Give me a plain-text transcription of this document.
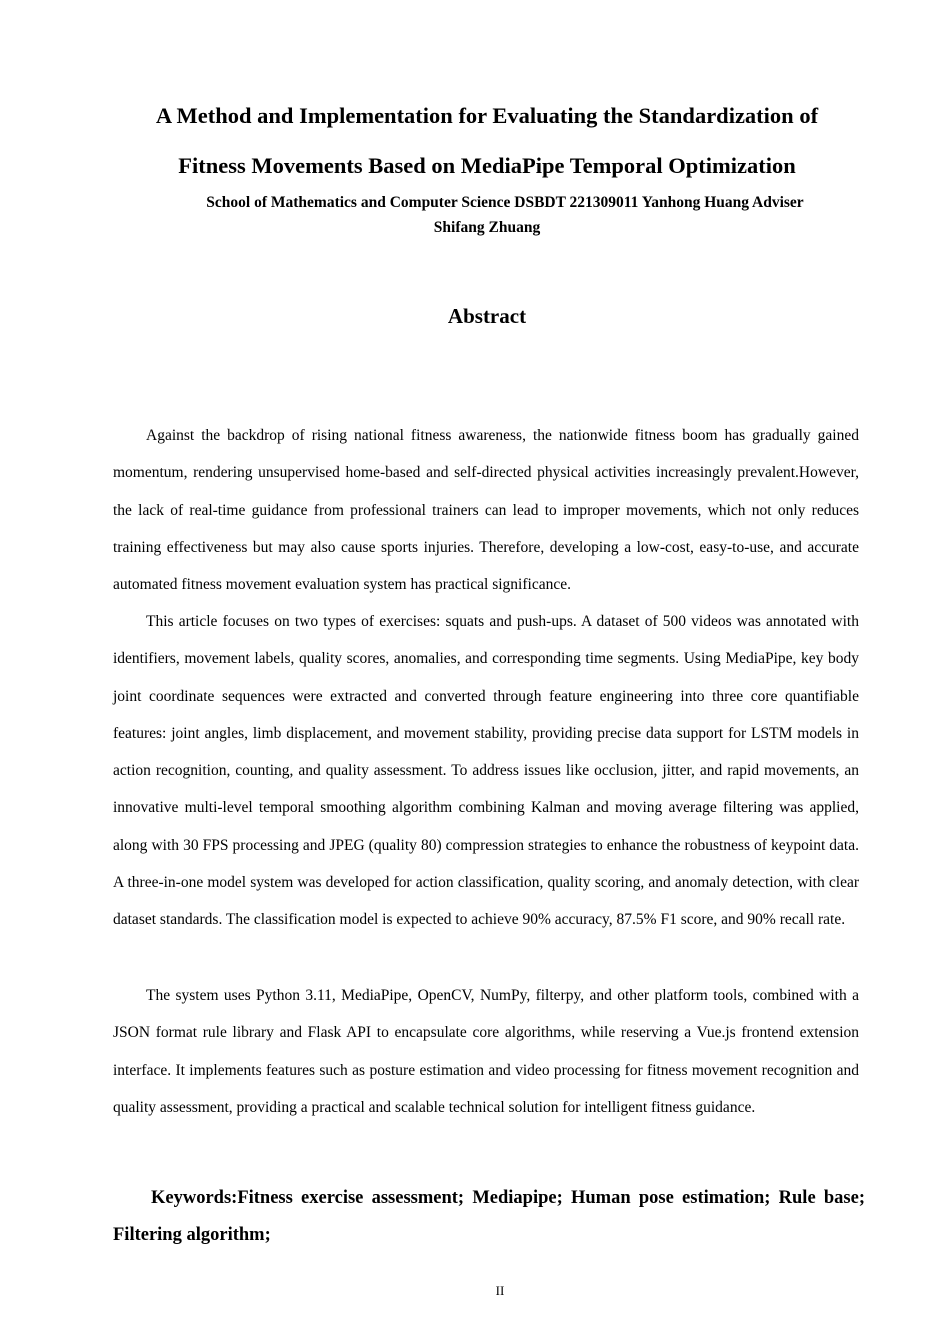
A Method and Implementation for Evaluating the Standardization of
Fitness Movements Based on MediaPipe Temporal Optimization
School of Mathematics and Computer Science DSBDT 221309011 Yanhong Huang Adviser
Shifang Zhuang
Abstract

Against the backdrop of rising national fitness awareness, the nationwide fitness boom has gradually gained momentum, rendering unsupervised home-based and self-directed physical activities increasingly prevalent.However, the lack of real-time guidance from professional trainers can lead to improper movements, which not only reduces training effectiveness but may also cause sports injuries. Therefore, developing a low-cost, easy-to-use, and accurate automated fitness movement evaluation system has practical significance.

This article focuses on two types of exercises: squats and push-ups. A dataset of 500 videos was annotated with identifiers, movement labels, quality scores, anomalies, and corresponding time segments. Using MediaPipe, key body joint coordinate sequences were extracted and converted through feature engineering into three core quantifiable features: joint angles, limb displacement, and movement stability, providing precise data support for LSTM models in action recognition, counting, and quality assessment. To address issues like occlusion, jitter, and rapid movements, an innovative multi-level temporal smoothing algorithm combining Kalman and moving average filtering was applied, along with 30 FPS processing and JPEG (quality 80) compression strategies to enhance the robustness of keypoint data. A three-in-one model system was developed for action classification, quality scoring, and anomaly detection, with clear dataset standards. The classification model is expected to achieve 90% accuracy, 87.5% F1 score, and 90% recall rate.

The system uses Python 3.11, MediaPipe, OpenCV, NumPy, filterpy, and other platform tools, combined with a JSON format rule library and Flask API to encapsulate core algorithms, while reserving a Vue.js frontend extension interface. It implements features such as posture estimation and video processing for fitness movement recognition and quality assessment, providing a practical and scalable technical solution for intelligent fitness guidance.

Keywords:Fitness exercise assessment; Mediapipe; Human pose estimation; Rule base; Filtering algorithm;

II
